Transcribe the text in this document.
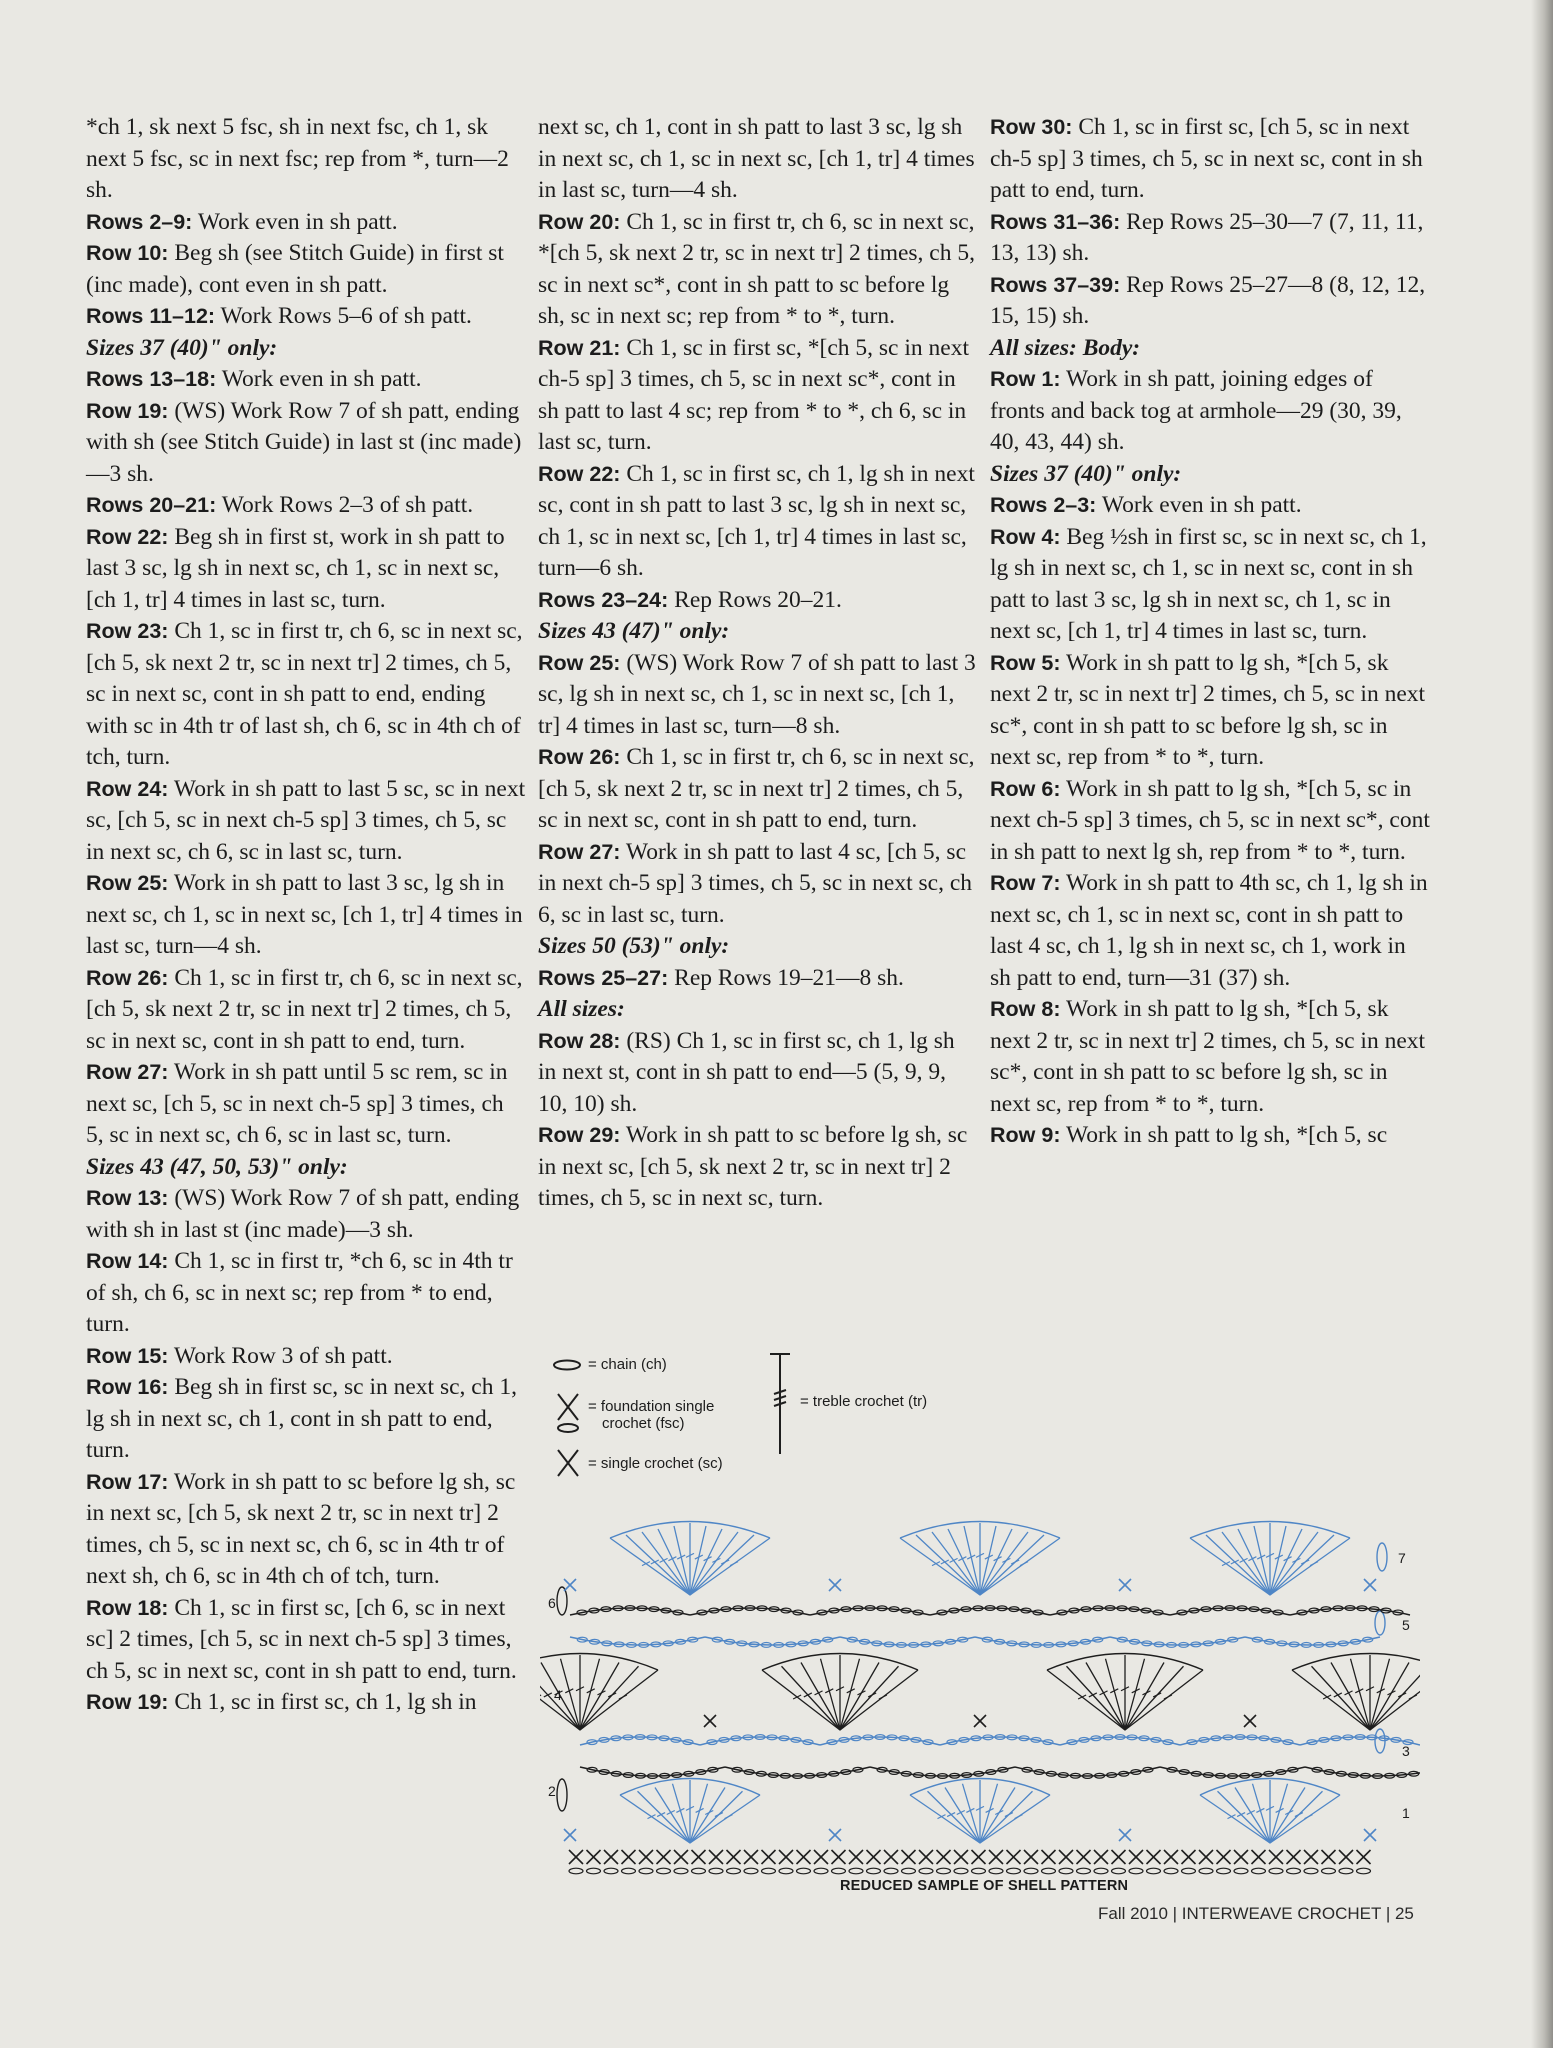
*ch 1, sk next 5 fsc, sh in next fsc, ch 1, sk next 5 fsc, sc in next fsc; rep from *, turn—2 sh.
Rows 2–9: Work even in sh patt.
Row 10: Beg sh (see Stitch Guide) in first st (inc made), cont even in sh patt.
Rows 11–12: Work Rows 5–6 of sh patt.
Sizes 37 (40)" only:
Rows 13–18: Work even in sh patt.
Row 19: (WS) Work Row 7 of sh patt, ending with sh (see Stitch Guide) in last st (inc made)—3 sh.
Rows 20–21: Work Rows 2–3 of sh patt.
Row 22: Beg sh in first st, work in sh patt to last 3 sc, lg sh in next sc, ch 1, sc in next sc, [ch 1, tr] 4 times in last sc, turn.
Row 23: Ch 1, sc in first tr, ch 6, sc in next sc, [ch 5, sk next 2 tr, sc in next tr] 2 times, ch 5, sc in next sc, cont in sh patt to end, ending with sc in 4th tr of last sh, ch 6, sc in 4th ch of tch, turn.
Row 24: Work in sh patt to last 5 sc, sc in next sc, [ch 5, sc in next ch-5 sp] 3 times, ch 5, sc in next sc, ch 6, sc in last sc, turn.
Row 25: Work in sh patt to last 3 sc, lg sh in next sc, ch 1, sc in next sc, [ch 1, tr] 4 times in last sc, turn—4 sh.
Row 26: Ch 1, sc in first tr, ch 6, sc in next sc, [ch 5, sk next 2 tr, sc in next tr] 2 times, ch 5, sc in next sc, cont in sh patt to end, turn.
Row 27: Work in sh patt until 5 sc rem, sc in next sc, [ch 5, sc in next ch-5 sp] 3 times, ch 5, sc in next sc, ch 6, sc in last sc, turn.
Sizes 43 (47, 50, 53)" only:
Row 13: (WS) Work Row 7 of sh patt, ending with sh in last st (inc made)—3 sh.
Row 14: Ch 1, sc in first tr, *ch 6, sc in 4th tr of sh, ch 6, sc in next sc; rep from * to end, turn.
Row 15: Work Row 3 of sh patt.
Row 16: Beg sh in first sc, sc in next sc, ch 1, lg sh in next sc, ch 1, cont in sh patt to end, turn.
Row 17: Work in sh patt to sc before lg sh, sc in next sc, [ch 5, sk next 2 tr, sc in next tr] 2 times, ch 5, sc in next sc, ch 6, sc in 4th tr of next sh, ch 6, sc in 4th ch of tch, turn.
Row 18: Ch 1, sc in first sc, [ch 6, sc in next sc] 2 times, [ch 5, sc in next ch-5 sp] 3 times, ch 5, sc in next sc, cont in sh patt to end, turn.
Row 19: Ch 1, sc in first sc, ch 1, lg sh in
next sc, ch 1, cont in sh patt to last 3 sc, lg sh in next sc, ch 1, sc in next sc, [ch 1, tr] 4 times in last sc, turn—4 sh.
Row 20: Ch 1, sc in first tr, ch 6, sc in next sc, *[ch 5, sk next 2 tr, sc in next tr] 2 times, ch 5, sc in next sc*, cont in sh patt to sc before lg sh, sc in next sc; rep from * to *, turn.
Row 21: Ch 1, sc in first sc, *[ch 5, sc in next ch-5 sp] 3 times, ch 5, sc in next sc*, cont in sh patt to last 4 sc; rep from * to *, ch 6, sc in last sc, turn.
Row 22: Ch 1, sc in first sc, ch 1, lg sh in next sc, cont in sh patt to last 3 sc, lg sh in next sc, ch 1, sc in next sc, [ch 1, tr] 4 times in last sc, turn—6 sh.
Rows 23–24: Rep Rows 20–21.
Sizes 43 (47)" only:
Row 25: (WS) Work Row 7 of sh patt to last 3 sc, lg sh in next sc, ch 1, sc in next sc, [ch 1, tr] 4 times in last sc, turn—8 sh.
Row 26: Ch 1, sc in first tr, ch 6, sc in next sc, [ch 5, sk next 2 tr, sc in next tr] 2 times, ch 5, sc in next sc, cont in sh patt to end, turn.
Row 27: Work in sh patt to last 4 sc, [ch 5, sc in next ch-5 sp] 3 times, ch 5, sc in next sc, ch 6, sc in last sc, turn.
Sizes 50 (53)" only:
Rows 25–27: Rep Rows 19–21—8 sh.
All sizes:
Row 28: (RS) Ch 1, sc in first sc, ch 1, lg sh in next st, cont in sh patt to end—5 (5, 9, 9, 10, 10) sh.
Row 29: Work in sh patt to sc before lg sh, sc in next sc, [ch 5, sk next 2 tr, sc in next tr] 2 times, ch 5, sc in next sc, turn.
Row 30: Ch 1, sc in first sc, [ch 5, sc in next ch-5 sp] 3 times, ch 5, sc in next sc, cont in sh patt to end, turn.
Rows 31–36: Rep Rows 25–30—7 (7, 11, 11, 13, 13) sh.
Rows 37–39: Rep Rows 25–27—8 (8, 12, 12, 15, 15) sh.
All sizes: Body:
Row 1: Work in sh patt, joining edges of fronts and back tog at armhole—29 (30, 39, 40, 43, 44) sh.
Sizes 37 (40)" only:
Rows 2–3: Work even in sh patt.
Row 4: Beg ½sh in first sc, sc in next sc, ch 1, lg sh in next sc, ch 1, sc in next sc, cont in sh patt to last 3 sc, lg sh in next sc, ch 1, sc in next sc, [ch 1, tr] 4 times in last sc, turn.
Row 5: Work in sh patt to lg sh, *[ch 5, sk next 2 tr, sc in next tr] 2 times, ch 5, sc in next sc*, cont in sh patt to sc before lg sh, sc in next sc, rep from * to *, turn.
Row 6: Work in sh patt to lg sh, *[ch 5, sc in next ch-5 sp] 3 times, ch 5, sc in next sc*, cont in sh patt to next lg sh, rep from * to *, turn.
Row 7: Work in sh patt to 4th sc, ch 1, lg sh in next sc, ch 1, sc in next sc, cont in sh patt to last 4 sc, ch 1, lg sh in next sc, ch 1, work in sh patt to end, turn—31 (37) sh.
Row 8: Work in sh patt to lg sh, *[ch 5, sk next 2 tr, sc in next tr] 2 times, ch 5, sc in next sc*, cont in sh patt to sc before lg sh, sc in next sc, rep from * to *, turn.
Row 9: Work in sh patt to lg sh, *[ch 5, sc
= chain (ch)
= foundation single
crochet (fsc)
= single crochet (sc)
= treble crochet (tr)
7
6
5
4
3
2
1
REDUCED SAMPLE OF SHELL PATTERN
Fall 2010 | INTERWEAVE CROCHET | 25
